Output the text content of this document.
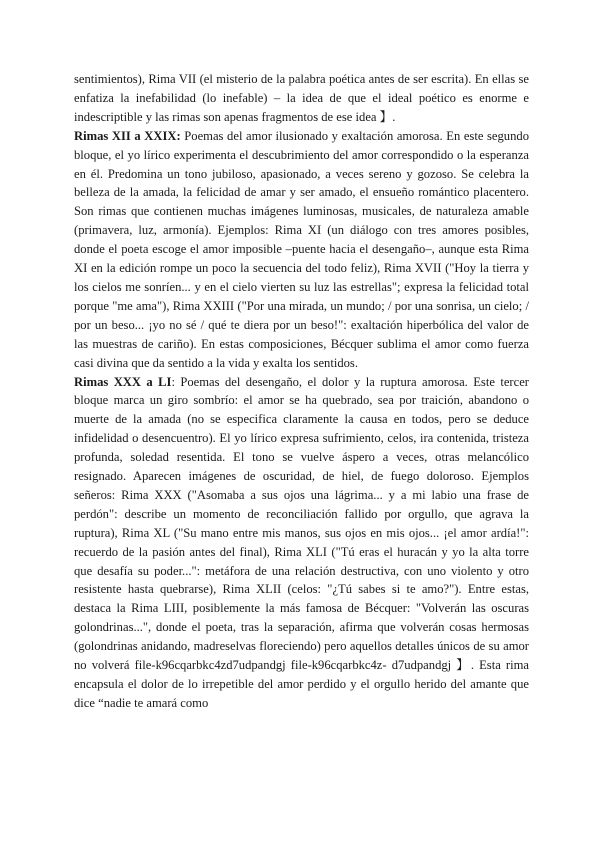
sentimientos), Rima VII (el misterio de la palabra poética antes de ser escrita). En ellas se enfatiza la inefabilidad (lo inefable) – la idea de que el ideal poético es enorme e indescriptible y las rimas son apenas fragmentos de ese idea 】.

Rimas XII a XXIX: Poemas del amor ilusionado y exaltación amorosa. En este segundo bloque, el yo lírico experimenta el descubrimiento del amor correspondido o la esperanza en él. Predomina un tono jubiloso, apasionado, a veces sereno y gozoso. Se celebra la belleza de la amada, la felicidad de amar y ser amado, el ensueño romántico placentero. Son rimas que contienen muchas imágenes luminosas, musicales, de naturaleza amable (primavera, luz, armonía). Ejemplos: Rima XI (un diálogo con tres amores posibles, donde el poeta escoge el amor imposible –puente hacia el desengaño–, aunque esta Rima XI en la edición rompe un poco la secuencia del todo feliz), Rima XVII ("Hoy la tierra y los cielos me sonríen... y en el cielo vierten su luz las estrellas"; expresa la felicidad total porque "me ama"), Rima XXIII ("Por una mirada, un mundo; / por una sonrisa, un cielo; / por un beso... ¡yo no sé / qué te diera por un beso!": exaltación hiperbólica del valor de las muestras de cariño). En estas composiciones, Bécquer sublima el amor como fuerza casi divina que da sentido a la vida y exalta los sentidos.

Rimas XXX a LI: Poemas del desengaño, el dolor y la ruptura amorosa. Este tercer bloque marca un giro sombrío: el amor se ha quebrado, sea por traición, abandono o muerte de la amada (no se especifica claramente la causa en todos, pero se deduce infidelidad o desencuentro). El yo lírico expresa sufrimiento, celos, ira contenida, tristeza profunda, soledad resentida. El tono se vuelve áspero a veces, otras melancólico resignado. Aparecen imágenes de oscuridad, de hiel, de fuego doloroso. Ejemplos señeros: Rima XXX ("Asomaba a sus ojos una lágrima... y a mi labio una frase de perdón": describe un momento de reconciliación fallido por orgullo, que agrava la ruptura), Rima XL ("Su mano entre mis manos, sus ojos en mis ojos... ¡el amor ardía!": recuerdo de la pasión antes del final), Rima XLI ("Tú eras el huracán y yo la alta torre que desafía su poder...": metáfora de una relación destructiva, con uno violento y otro resistente hasta quebrarse), Rima XLII (celos: "¿Tú sabes si te amo?"). Entre estas, destaca la Rima LIII, posiblemente la más famosa de Bécquer: "Volverán las oscuras golondrinas...", donde el poeta, tras la separación, afirma que volverán cosas hermosas (golondrinas anidando, madreselvas floreciendo) pero aquellos detalles únicos de su amor no volverá file-k96cqarbkc4zd7udpandgj file-k96cqarbkc4z- d7udpandgj 】. Esta rima encapsula el dolor de lo irrepetible del amor perdido y el orgullo herido del amante que dice “nadie te amará como
